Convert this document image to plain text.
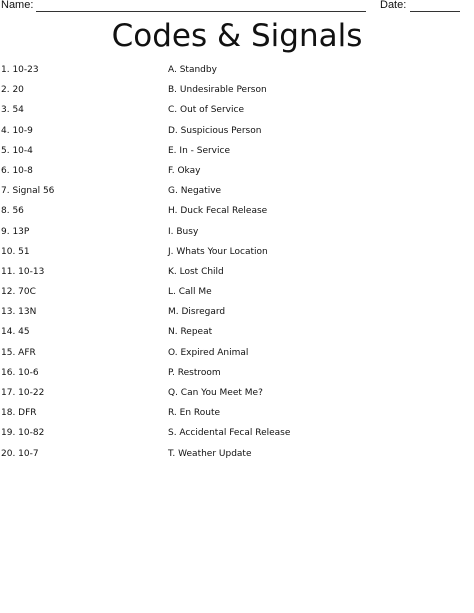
Name:	Date:
Codes & Signals
1. 10-23	A. Standby
2. 20	B. Undesirable Person
3. 54	C. Out of Service
4. 10-9	D. Suspicious Person
5. 10-4	E. In - Service
6. 10-8	F. Okay
7. Signal 56	G. Negative
8. 56	H. Duck Fecal Release
9. 13P	I. Busy
10. 51	J. Whats Your Location
11. 10-13	K. Lost Child
12. 70C	L. Call Me
13. 13N	M. Disregard
14. 45	N. Repeat
15. AFR	O. Expired Animal
16. 10-6	P. Restroom
17. 10-22	Q. Can You Meet Me?
18. DFR	R. En Route
19. 10-82	S. Accidental Fecal Release
20. 10-7	T. Weather Update
